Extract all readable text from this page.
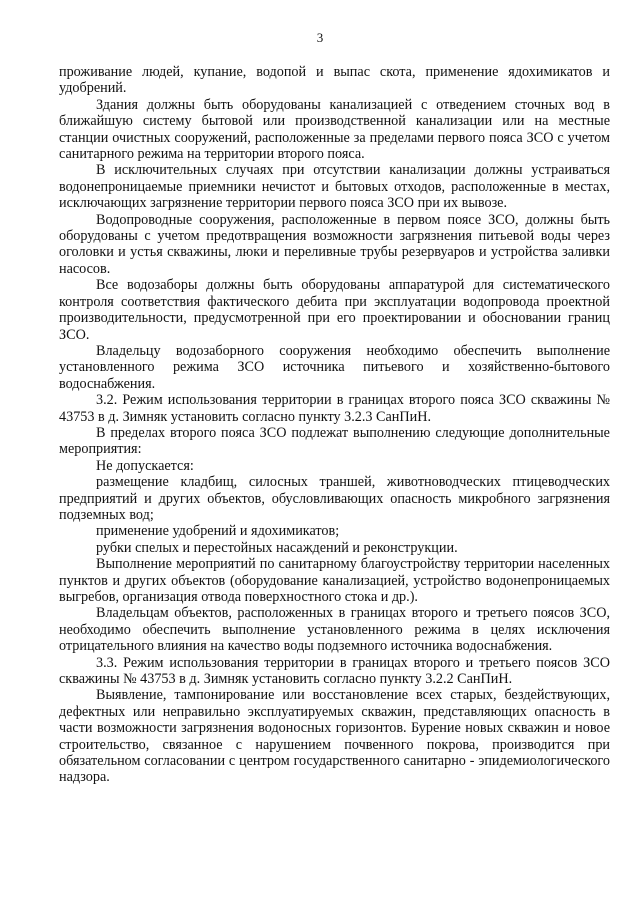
3

проживание людей, купание, водопой и выпас скота, применение ядохимикатов и удобрений.

Здания должны быть оборудованы канализацией с отведением сточных вод в ближайшую систему бытовой или производственной канализации или на местные станции очистных сооружений, расположенные за пределами первого пояса ЗСО с учетом санитарного режима на территории второго пояса.

В исключительных случаях при отсутствии канализации должны устраиваться водонепроницаемые приемники нечистот и бытовых отходов, расположенные в местах, исключающих загрязнение территории первого пояса ЗСО при их вывозе.

Водопроводные сооружения, расположенные в первом поясе ЗСО, должны быть оборудованы с учетом предотвращения возможности загрязнения питьевой воды через оголовки и устья скважины, люки и переливные трубы резервуаров и устройства заливки насосов.

Все водозаборы должны быть оборудованы аппаратурой для систематического контроля соответствия фактического дебита при эксплуатации водопровода проектной производительности, предусмотренной при его проектировании и обосновании границ ЗСО.

Владельцу водозаборного сооружения необходимо обеспечить выполнение установленного режима ЗСО источника питьевого и хозяйственно-бытового водоснабжения.

3.2. Режим использования территории в границах второго пояса ЗСО скважины № 43753 в д. Зимняк установить согласно пункту 3.2.3 СанПиН.

В пределах второго пояса ЗСО подлежат выполнению следующие дополнительные мероприятия:

Не допускается:

размещение кладбищ, силосных траншей, животноводческих птицеводческих предприятий и других объектов, обусловливающих опасность микробного загрязнения подземных вод;

применение удобрений и ядохимикатов;

рубки спелых и перестойных насаждений и реконструкции.

Выполнение мероприятий по санитарному благоустройству территории населенных пунктов и других объектов (оборудование канализацией, устройство водонепроницаемых выгребов, организация отвода поверхностного стока и др.).

Владельцам объектов, расположенных в границах второго и третьего поясов ЗСО, необходимо обеспечить выполнение установленного режима в целях исключения отрицательного влияния на качество воды подземного источника водоснабжения.

3.3. Режим использования территории в границах второго и третьего поясов ЗСО скважины № 43753 в д. Зимняк установить согласно пункту 3.2.2 СанПиН.

Выявление, тампонирование или восстановление всех старых, бездействующих, дефектных или неправильно эксплуатируемых скважин, представляющих опасность в части возможности загрязнения водоносных горизонтов. Бурение новых скважин и новое строительство, связанное с нарушением почвенного покрова, производится при обязательном согласовании с центром государственного санитарно - эпидемиологического надзора.
